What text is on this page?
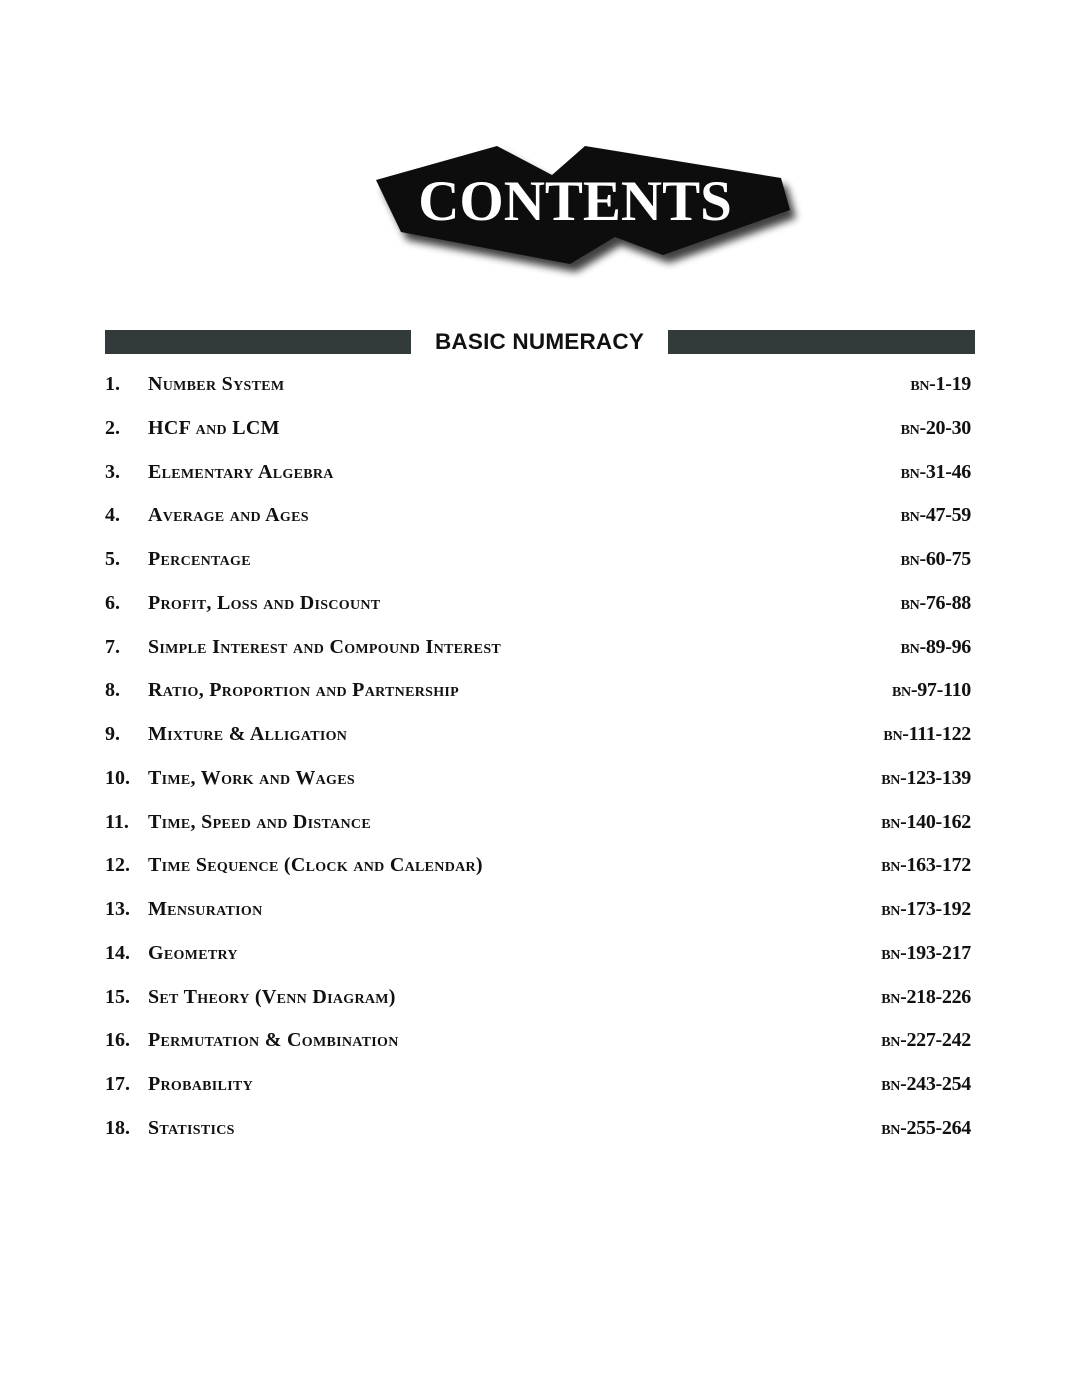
CONTENTS
BASIC NUMERACY
1. Number System	bn-1-19
2. HCF and LCM	bn-20-30
3. Elementary Algebra	bn-31-46
4. Average and Ages	bn-47-59
5. Percentage	bn-60-75
6. Profit, Loss and Discount	bn-76-88
7. Simple Interest and Compound Interest	bn-89-96
8. Ratio, Proportion and Partnership	bn-97-110
9. Mixture & Alligation	bn-111-122
10. Time, Work and Wages	bn-123-139
11. Time, Speed and Distance	bn-140-162
12. Time Sequence (Clock and Calendar)	bn-163-172
13. Mensuration	bn-173-192
14. Geometry	bn-193-217
15. Set Theory (Venn Diagram)	bn-218-226
16. Permutation & Combination	bn-227-242
17. Probability	bn-243-254
18. Statistics	bn-255-264
